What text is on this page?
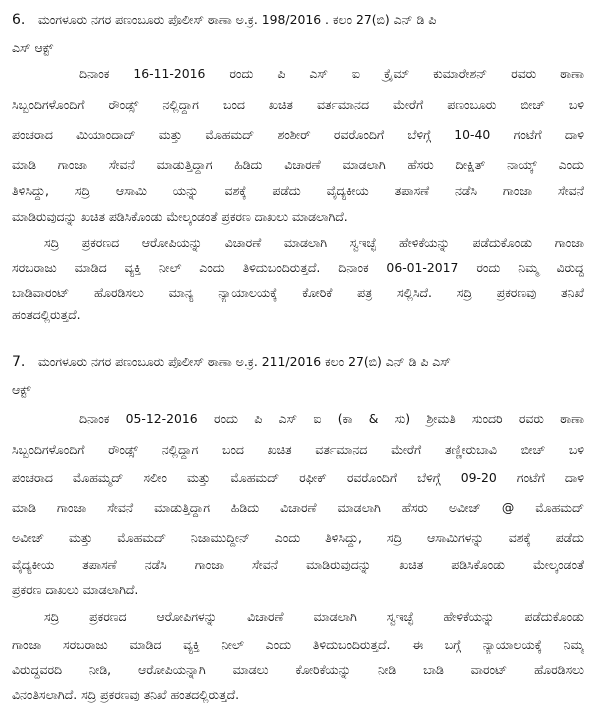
6. ಮಂಗಳೂರು ನಗರ ಪಣಂಬೂರು ಪೊಲೀಸ್ ಠಾಣಾ ಅ.ಕ್ರ. 198/2016 . ಕಲಂ 27(ಬಿ) ಎನ್ ಡಿ ಪಿ
ಎಸ್ ಆಕ್ಟ್
ದಿನಾಂಕ 16-11-2016 ರಂದು ಪಿ ಎಸ್ ಐ ಕ್ರೈಮ್ ಕುಮಾರೇಶನ್ ರವರು ಠಾಣಾ
ಸಿಬ್ಬಂದಿಗಳೊಂದಿಗೆ ರೌಂಡ್ಸ್ ನಲ್ಲಿದ್ದಾಗ ಬಂದ ಖಚಿತ ವರ್ತಮಾನದ ಮೇರೆಗೆ ಪಣಂಬೂರು ಬೀಚ್ ಬಳಿ
ಪಂಚರಾದ ಮಿಯಾಂದಾದ್ ಮತ್ತು ಮೊಹಮದ್ ಶಂಶೀರ್ ರವರೊಂದಿಗೆ ಬೆಳಿಗ್ಗೆ 10-40 ಗಂಟೆಗೆ ದಾಳಿ
ಮಾಡಿ ಗಾಂಜಾ ಸೇವನೆ ಮಾಡುತ್ತಿದ್ದಾಗ ಹಿಡಿದು ವಿಚಾರಣೆ ಮಾಡಲಾಗಿ ಹೆಸರು ದೀಕ್ಷಿತ್ ನಾಯ್ಕ್ ಎಂದು
ತಿಳಿಸಿದ್ದು, ಸದ್ರಿ ಆಸಾಮಿ ಯನ್ನು ವಶಕ್ಕೆ ಪಡೆದು ವೈದ್ಯಕೀಯ ತಪಾಸಣೆ ನಡೆಸಿ ಗಾಂಜಾ ಸೇವನೆ
ಮಾಡಿರುವುದನ್ನು ಖಚಿತ ಪಡಿಸಿಕೊಂಡು ಮೇಲ್ಕಂಡಂತೆ ಪ್ರಕರಣ ದಾಖಲು ಮಾಡಲಾಗಿದೆ.
ಸದ್ರಿ ಪ್ರಕರಣದ ಆರೋಪಿಯನ್ನು ವಿಚಾರಣೆ ಮಾಡಲಾಗಿ ಸ್ವಇಚ್ಛೆ ಹೇಳಿಕೆಯನ್ನು ಪಡೆದುಕೊಂಡು ಗಾಂಜಾ
ಸರಬರಾಜು ಮಾಡಿದ ವ್ಯಕ್ತಿ ನೀಲ್ ಎಂದು ತಿಳಿದುಬಂದಿರುತ್ತದೆ. ದಿನಾಂಕ 06-01-2017 ರಂದು ನಿಮ್ಮ ವಿರುದ್ಧ
ಬಾಡಿವಾರಂಟ್ ಹೊರಡಿಸಲು ಮಾನ್ಯ ನ್ಯಾಯಾಲಯಕ್ಕೆ ಕೋರಿಕೆ ಪತ್ರ ಸಲ್ಲಿಸಿದೆ. ಸದ್ರಿ ಪ್ರಕರಣವು ತನಿಖೆ
ಹಂತದಲ್ಲಿರುತ್ತದೆ.
7. ಮಂಗಳೂರು ನಗರ ಪಣಂಬೂರು ಪೊಲೀಸ್ ಠಾಣಾ ಅ.ಕ್ರ. 211/2016 ಕಲಂ 27(ಬಿ) ಎನ್ ಡಿ ಪಿ ಎಸ್
ಆಕ್ಟ್
ದಿನಾಂಕ 05-12-2016 ರಂದು ಪಿ ಎಸ್ ಐ (ಕಾ & ಸು) ಶ್ರೀಮತಿ ಸುಂದರಿ ರವರು ಠಾಣಾ
ಸಿಬ್ಬಂದಿಗಳೊಂದಿಗೆ ರೌಂಡ್ಸ್ ನಲ್ಲಿದ್ದಾಗ ಬಂದ ಖಚಿತ ವರ್ತಮಾನದ ಮೇರೆಗೆ ತಣ್ಣೀರುಬಾವಿ ಬೀಚ್ ಬಳಿ
ಪಂಚರಾದ ಮೊಹಮ್ಮದ್ ಸಲೀಂ ಮತ್ತು ಮೊಹಮದ್ ರಫೀಕ್ ರವರೊಂದಿಗೆ ಬೆಳಿಗ್ಗೆ 09-20 ಗಂಟೆಗೆ ದಾಳಿ
ಮಾಡಿ ಗಾಂಜಾ ಸೇವನೆ ಮಾಡುತ್ತಿದ್ದಾಗ ಹಿಡಿದು ವಿಚಾರಣೆ ಮಾಡಲಾಗಿ ಹೆಸರು ಅವೀಜ್ @ ಮೊಹಮದ್
ಅವೀಜ್ ಮತ್ತು ಮೊಹಮದ್ ನಿಜಾಮುದ್ದೀನ್ ಎಂದು ತಿಳಿಸಿದ್ದು, ಸದ್ರಿ ಆಸಾಮಿಗಳನ್ನು ವಶಕ್ಕೆ ಪಡೆದು
ವೈದ್ಯಕೀಯ ತಪಾಸಣೆ ನಡೆಸಿ ಗಾಂಜಾ ಸೇವನೆ ಮಾಡಿರುವುದನ್ನು ಖಚಿತ ಪಡಿಸಿಕೊಂಡು ಮೇಲ್ಕಂಡಂತೆ
ಪ್ರಕರಣ ದಾಖಲು ಮಾಡಲಾಗಿದೆ.
ಸದ್ರಿ ಪ್ರಕರಣದ ಆರೋಪಿಗಳನ್ನು ವಿಚಾರಣೆ ಮಾಡಲಾಗಿ ಸ್ವಇಚ್ಛೆ ಹೇಳಿಕೆಯನ್ನು ಪಡೆದುಕೊಂಡು
ಗಾಂಜಾ ಸರಬರಾಜು ಮಾಡಿದ ವ್ಯಕ್ತಿ ನೀಲ್ ಎಂದು ತಿಳಿದುಬಂದಿರುತ್ತದೆ. ಈ ಬಗ್ಗೆ ನ್ಯಾಯಾಲಯಕ್ಕೆ ನಿಮ್ಮ
ವಿರುದ್ಧವರದಿ ನೀಡಿ, ಆರೋಪಿಯನ್ನಾಗಿ ಮಾಡಲು ಕೋರಿಕೆಯನ್ನು ನೀಡಿ ಬಾಡಿ ವಾರಂಟ್ ಹೊರಡಿಸಲು
ವಿನಂತಿಸಲಾಗಿದೆ. ಸದ್ರಿ ಪ್ರಕರಣವು ತನಿಖೆ ಹಂತದಲ್ಲಿರುತ್ತದೆ.
